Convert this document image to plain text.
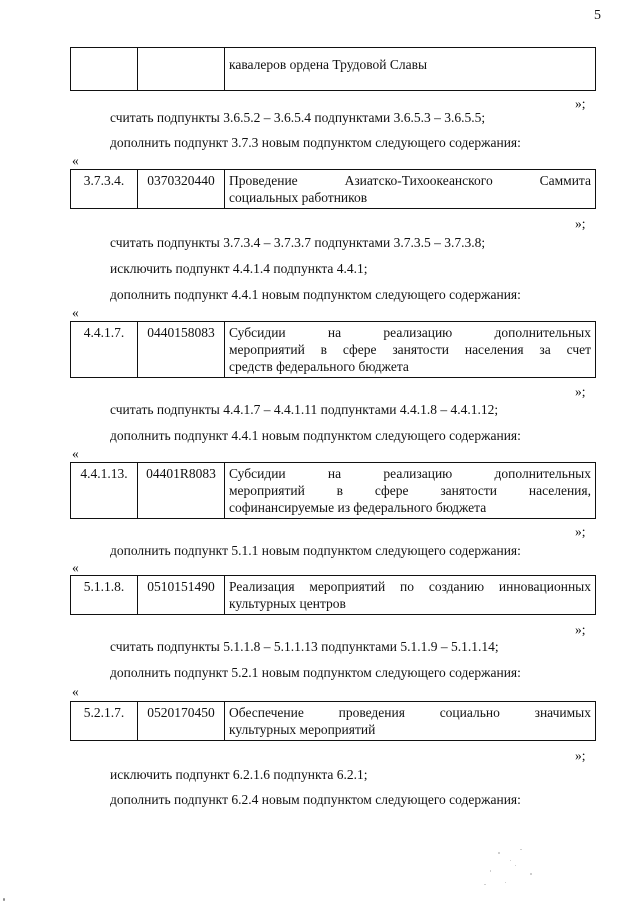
5
		кавалеров ордена Трудовой Славы
»;
считать подпункты 3.6.5.2 – 3.6.5.4 подпунктами 3.6.5.3 – 3.6.5.5;
дополнить подпункт 3.7.3 новым подпунктом следующего содержания:
«
3.7.3.4.	0370320440	Проведение Азиатско-Тихоокеанского Саммита
социальных работников
»;
считать подпункты 3.7.3.4 – 3.7.3.7 подпунктами 3.7.3.5 – 3.7.3.8;
исключить подпункт 4.4.1.4 подпункта 4.4.1;
дополнить подпункт 4.4.1 новым подпунктом следующего содержания:
«
4.4.1.7.	0440158083	Субсидии на реализацию дополнительных
мероприятий в сфере занятости населения за счет
средств федерального бюджета
»;
считать подпункты 4.4.1.7 – 4.4.1.11 подпунктами 4.4.1.8 – 4.4.1.12;
дополнить подпункт 4.4.1 новым подпунктом следующего содержания:
«
4.4.1.13.	04401R8083	Субсидии на реализацию дополнительных
мероприятий в сфере занятости населения,
софинансируемые из федерального бюджета
»;
дополнить подпункт 5.1.1 новым подпунктом следующего содержания:
«
5.1.1.8.	0510151490	Реализация мероприятий по созданию инновационных
культурных центров
»;
считать подпункты 5.1.1.8 – 5.1.1.13 подпунктами 5.1.1.9 – 5.1.1.14;
дополнить подпункт 5.2.1 новым подпунктом следующего содержания:
«
5.2.1.7.	0520170450	Обеспечение проведения социально значимых
культурных мероприятий
»;
исключить подпункт 6.2.1.6 подпункта 6.2.1;
дополнить подпункт 6.2.4 новым подпунктом следующего содержания:
